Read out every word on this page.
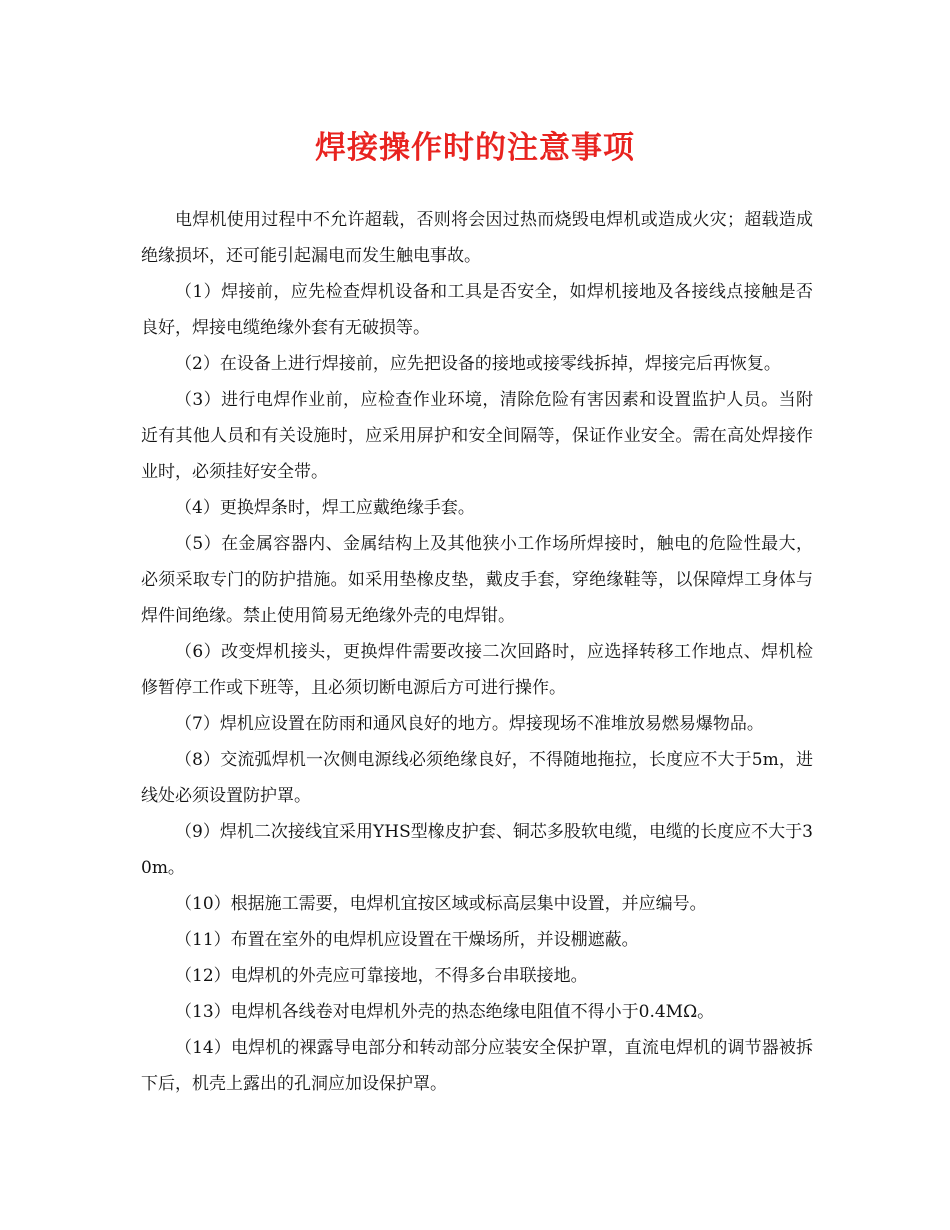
焊接操作时的注意事项

电焊机使用过程中不允许超载，否则将会因过热而烧毁电焊机或造成火灾；超载造成绝缘损坏，还可能引起漏电而发生触电事故。

（1）焊接前，应先检查焊机设备和工具是否安全，如焊机接地及各接线点接触是否良好，焊接电缆绝缘外套有无破损等。

（2）在设备上进行焊接前，应先把设备的接地或接零线拆掉，焊接完后再恢复。

（3）进行电焊作业前，应检查作业环境，清除危险有害因素和设置监护人员。当附近有其他人员和有关设施时，应采用屏护和安全间隔等，保证作业安全。需在高处焊接作业时，必须挂好安全带。

（4）更换焊条时，焊工应戴绝缘手套。

（5）在金属容器内、金属结构上及其他狭小工作场所焊接时，触电的危险性最大，必须采取专门的防护措施。如采用垫橡皮垫，戴皮手套，穿绝缘鞋等，以保障焊工身体与焊件间绝缘。禁止使用简易无绝缘外壳的电焊钳。

（6）改变焊机接头，更换焊件需要改接二次回路时，应选择转移工作地点、焊机检修暂停工作或下班等，且必须切断电源后方可进行操作。

（7）焊机应设置在防雨和通风良好的地方。焊接现场不准堆放易燃易爆物品。

（8）交流弧焊机一次侧电源线必须绝缘良好，不得随地拖拉，长度应不大于5m，进线处必须设置防护罩。

（9）焊机二次接线宜采用YHS型橡皮护套、铜芯多股软电缆，电缆的长度应不大于30m。

（10）根据施工需要，电焊机宜按区域或标高层集中设置，并应编号。

（11）布置在室外的电焊机应设置在干燥场所，并设棚遮蔽。

（12）电焊机的外壳应可靠接地，不得多台串联接地。

（13）电焊机各线卷对电焊机外壳的热态绝缘电阻值不得小于0.4MΩ。

（14）电焊机的裸露导电部分和转动部分应装安全保护罩，直流电焊机的调节器被拆下后，机壳上露出的孔洞应加设保护罩。
